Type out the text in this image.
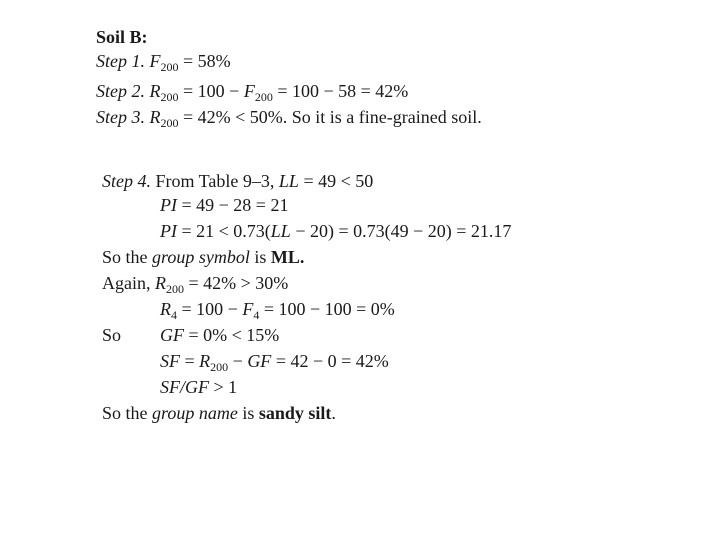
Soil B:
Step 1. $F_{200} = 58\%$
Step 2. $R_{200} = 100 - F_{200} = 100 - 58 = 42\%$
Step 3. $R_{200} = 42\% < 50\%$. So it is a fine-grained soil.
Step 4. From Table 9–3, LL = 49 < 50
PI = 49 − 28 = 21
PI = 21 < 0.73(LL − 20) = 0.73(49 − 20) = 21.17
So the group symbol is ML.
Again, $R_{200} = 42\% > 30\%$
$R_4 = 100 - F_4 = 100 - 100 = 0\%$
So GF = 0% < 15%
SF = $R_{200}$ − GF = 42 − 0 = 42%
SF/GF > 1
So the group name is sandy silt.
